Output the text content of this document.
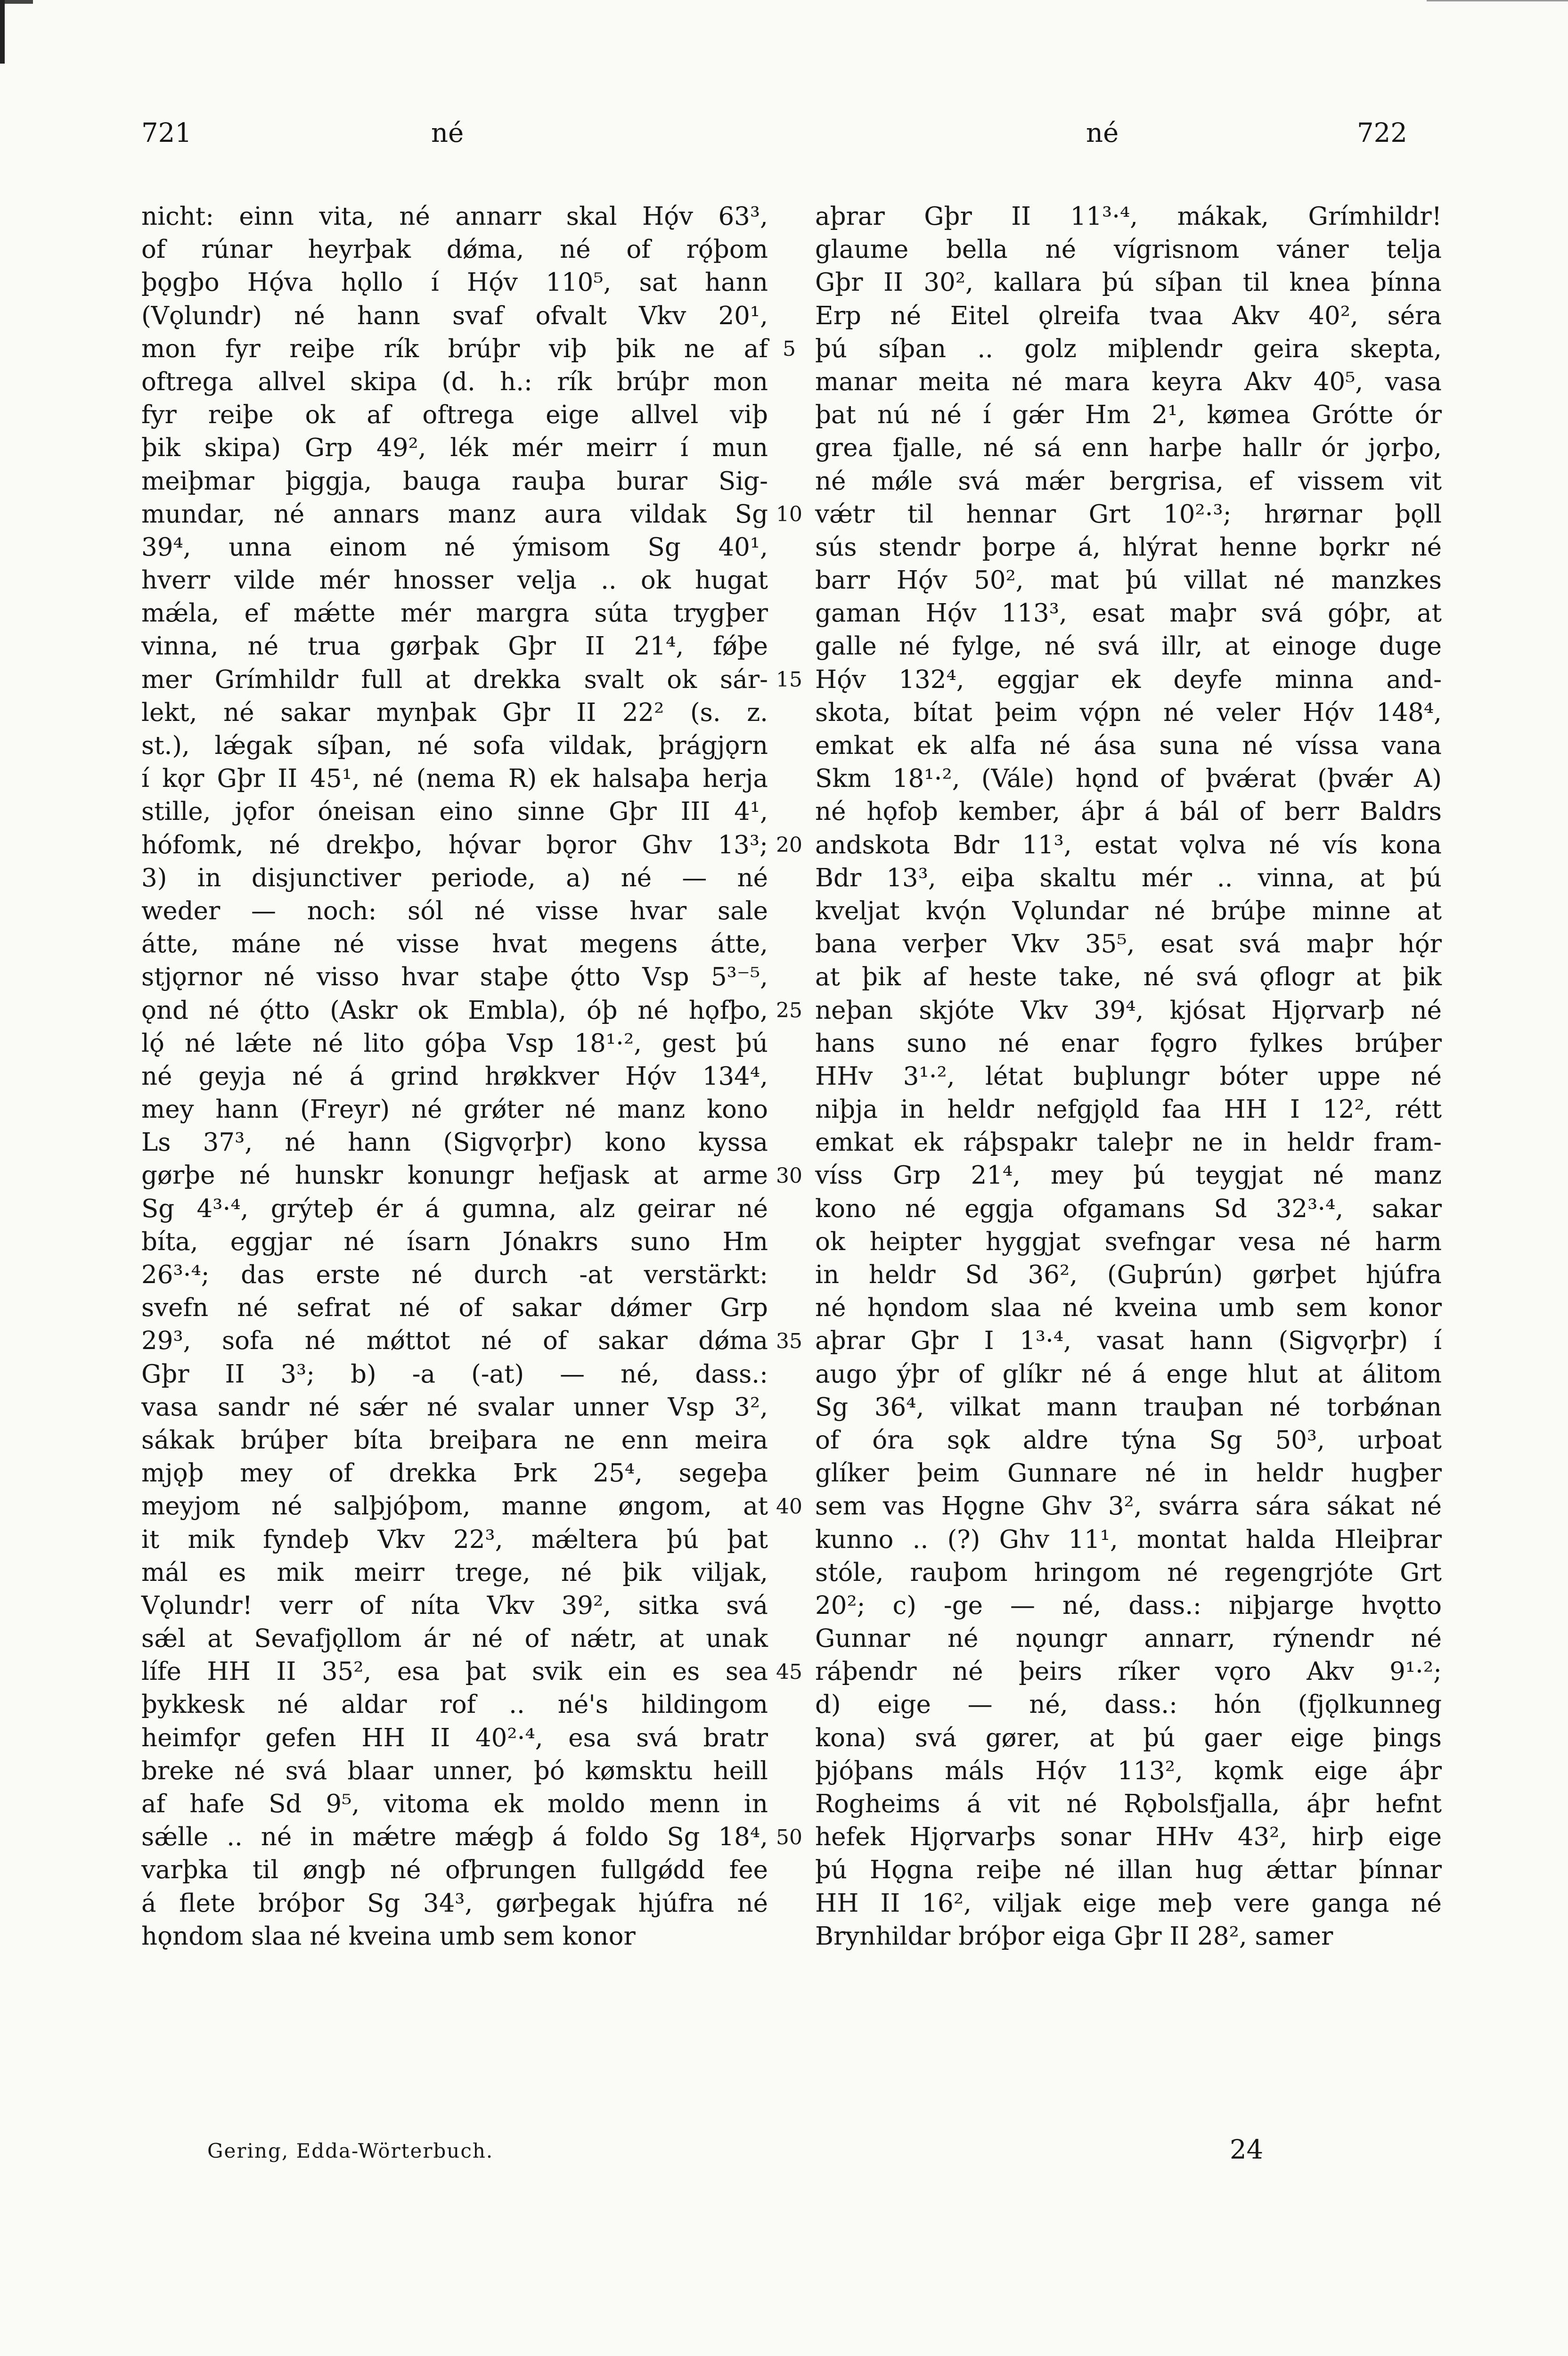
721	né	né	722
nicht: einn vita, né annarr skal Hǫ́v 63³,
of rúnar heyrþak dǿma, né of rǫ́þom
þǫgþo Hǫ́va hǫllo í Hǫ́v 110⁵, sat hann
(Vǫlundr) né hann svaf ofvalt Vkv 20¹,
mon fyr reiþe rík brúþr viþ þik ne af
oftrega allvel skipa (d. h.: rík brúþr mon
fyr reiþe ok af oftrega eige allvel viþ
þik skipa) Grp 49², lék mér meirr í mun
meiþmar þiggja, bauga rauþa burar Sig-
mundar, né annars manz aura vildak Sg
39⁴, unna einom né ýmisom Sg 40¹,
hverr vilde mér hnosser velja .. ok hugat
mǽla, ef mǽtte mér margra súta trygþer
vinna, né trua gørþak Gþr II 21⁴, fǿþe
mer Grímhildr full at drekka svalt ok sár-
lekt, né sakar mynþak Gþr II 22² (s. z.
st.), lǽgak síþan, né sofa vildak, þrágjǫrn
í kǫr Gþr II 45¹, né (nema R) ek halsaþa herja
stille, jǫfor óneisan eino sinne Gþr III 4¹,
hófomk, né drekþo, hǫ́var bǫror Ghv 13³;
3) in disjunctiver periode, a) né — né
weder — noch: sól né visse hvar sale
átte, máne né visse hvat megens átte,
stjǫrnor né visso hvar staþe ǫ́tto Vsp 5³⁻⁵,
ǫnd né ǫ́tto (Askr ok Embla), óþ né hǫfþo,
lǫ́ né lǽte né lito góþa Vsp 18¹·², gest þú
né geyja né á grind hrøkkver Hǫ́v 134⁴,
mey hann (Freyr) né grǿter né manz kono
Ls 37³, né hann (Sigvǫrþr) kono kyssa
gørþe né hunskr konungr hefjask at arme
Sg 4³·⁴, grýteþ ér á gumna, alz geirar né
bíta, eggjar né ísarn Jónakrs suno Hm
26³·⁴; das erste né durch -at verstärkt:
svefn né sefrat né of sakar dǿmer Grp
29³, sofa né mǿttot né of sakar dǿma
Gþr II 3³; b) -a (-at) — né, dass.:
vasa sandr né sǽr né svalar unner Vsp 3²,
sákak brúþer bíta breiþara ne enn meira
mjǫþ mey of drekka Þrk 25⁴, segeþa
meyjom né salþjóþom, manne øngom, at
it mik fyndeþ Vkv 22³, mǽltera þú þat
mál es mik meirr trege, né þik viljak,
Vǫlundr! verr of níta Vkv 39², sitka svá
sǽl at Sevafjǫllom ár né of nǽtr, at unak
lífe HH II 35², esa þat svik ein es sea
þykkesk né aldar rof .. né's hildingom
heimfǫr gefen HH II 40²·⁴, esa svá bratr
breke né svá blaar unner, þó kømsktu heill
af hafe Sd 9⁵, vitoma ek moldo menn in
sǽlle .. né in mǽtre mǽgþ á foldo Sg 18⁴,
varþka til øngþ né ofþrungen fullgǿdd fee
á flete bróþor Sg 34³, gørþegak hjúfra né
hǫndom slaa né kveina umb sem konor
5
10
15
20
25
30
35
40
45
50
aþrar Gþr II 11³·⁴, mákak, Grímhildr!
glaume bella né vígrisnom váner telja
Gþr II 30², kallara þú síþan til knea þínna
Erp né Eitel ǫlreifa tvaa Akv 40², séra
þú síþan .. golz miþlendr geira skepta,
manar meita né mara keyra Akv 40⁵, vasa
þat nú né í gǽr Hm 2¹, kømea Grótte ór
grea fjalle, né sá enn harþe hallr ór jǫrþo,
né mǿle svá mǽr bergrisa, ef vissem vit
vǽtr til hennar Grt 10²·³; hrørnar þǫll
sús stendr þorpe á, hlýrat henne bǫrkr né
barr Hǫ́v 50², mat þú villat né manzkes
gaman Hǫ́v 113³, esat maþr svá góþr, at
galle né fylge, né svá illr, at einoge duge
Hǫ́v 132⁴, eggjar ek deyfe minna and-
skota, bítat þeim vǫ́pn né veler Hǫ́v 148⁴,
emkat ek alfa né ása suna né víssa vana
Skm 18¹·², (Vále) hǫnd of þvǽrat (þvǽr A)
né hǫfoþ kember, áþr á bál of berr Baldrs
andskota Bdr 11³, estat vǫlva né vís kona
Bdr 13³, eiþa skaltu mér .. vinna, at þú
kveljat kvǫ́n Vǫlundar né brúþe minne at
bana verþer Vkv 35⁵, esat svá maþr hǫ́r
at þik af heste take, né svá ǫflogr at þik
neþan skjóte Vkv 39⁴, kjósat Hjǫrvarþ né
hans suno né enar fǫgro fylkes brúþer
HHv 3¹·², létat buþlungr bóter uppe né
niþja in heldr nefgjǫld faa HH I 12², rétt
emkat ek ráþspakr taleþr ne in heldr fram-
víss Grp 21⁴, mey þú teygjat né manz
kono né eggja ofgamans Sd 32³·⁴, sakar
ok heipter hyggjat svefngar vesa né harm
in heldr Sd 36², (Guþrún) gørþet hjúfra
né hǫndom slaa né kveina umb sem konor
aþrar Gþr I 1³·⁴, vasat hann (Sigvǫrþr) í
augo ýþr of glíkr né á enge hlut at álitom
Sg 36⁴, vilkat mann trauþan né torbǿnan
of óra sǫk aldre týna Sg 50³, urþoat
glíker þeim Gunnare né in heldr hugþer
sem vas Hǫgne Ghv 3², svárra sára sákat né
kunno .. (?) Ghv 11¹, montat halda Hleiþrar
stóle, rauþom hringom né regengrjóte Grt
20²; c) -ge — né, dass.: niþjarge hvǫtto
Gunnar né nǫungr annarr, rýnendr né
ráþendr né þeirs ríker vǫro Akv 9¹·²;
d) eige — né, dass.: hón (fjǫlkunneg
kona) svá gører, at þú gaer eige þings
þjóþans máls Hǫ́v 113², kǫmk eige áþr
Rogheims á vit né Rǫbolsfjalla, áþr hefnt
hefek Hjǫrvarþs sonar HHv 43², hirþ eige
þú Hǫgna reiþe né illan hug ǽttar þínnar
HH II 16², viljak eige meþ vere ganga né
Brynhildar bróþor eiga Gþr II 28², samer
Gering, Edda-Wörterbuch.	24
